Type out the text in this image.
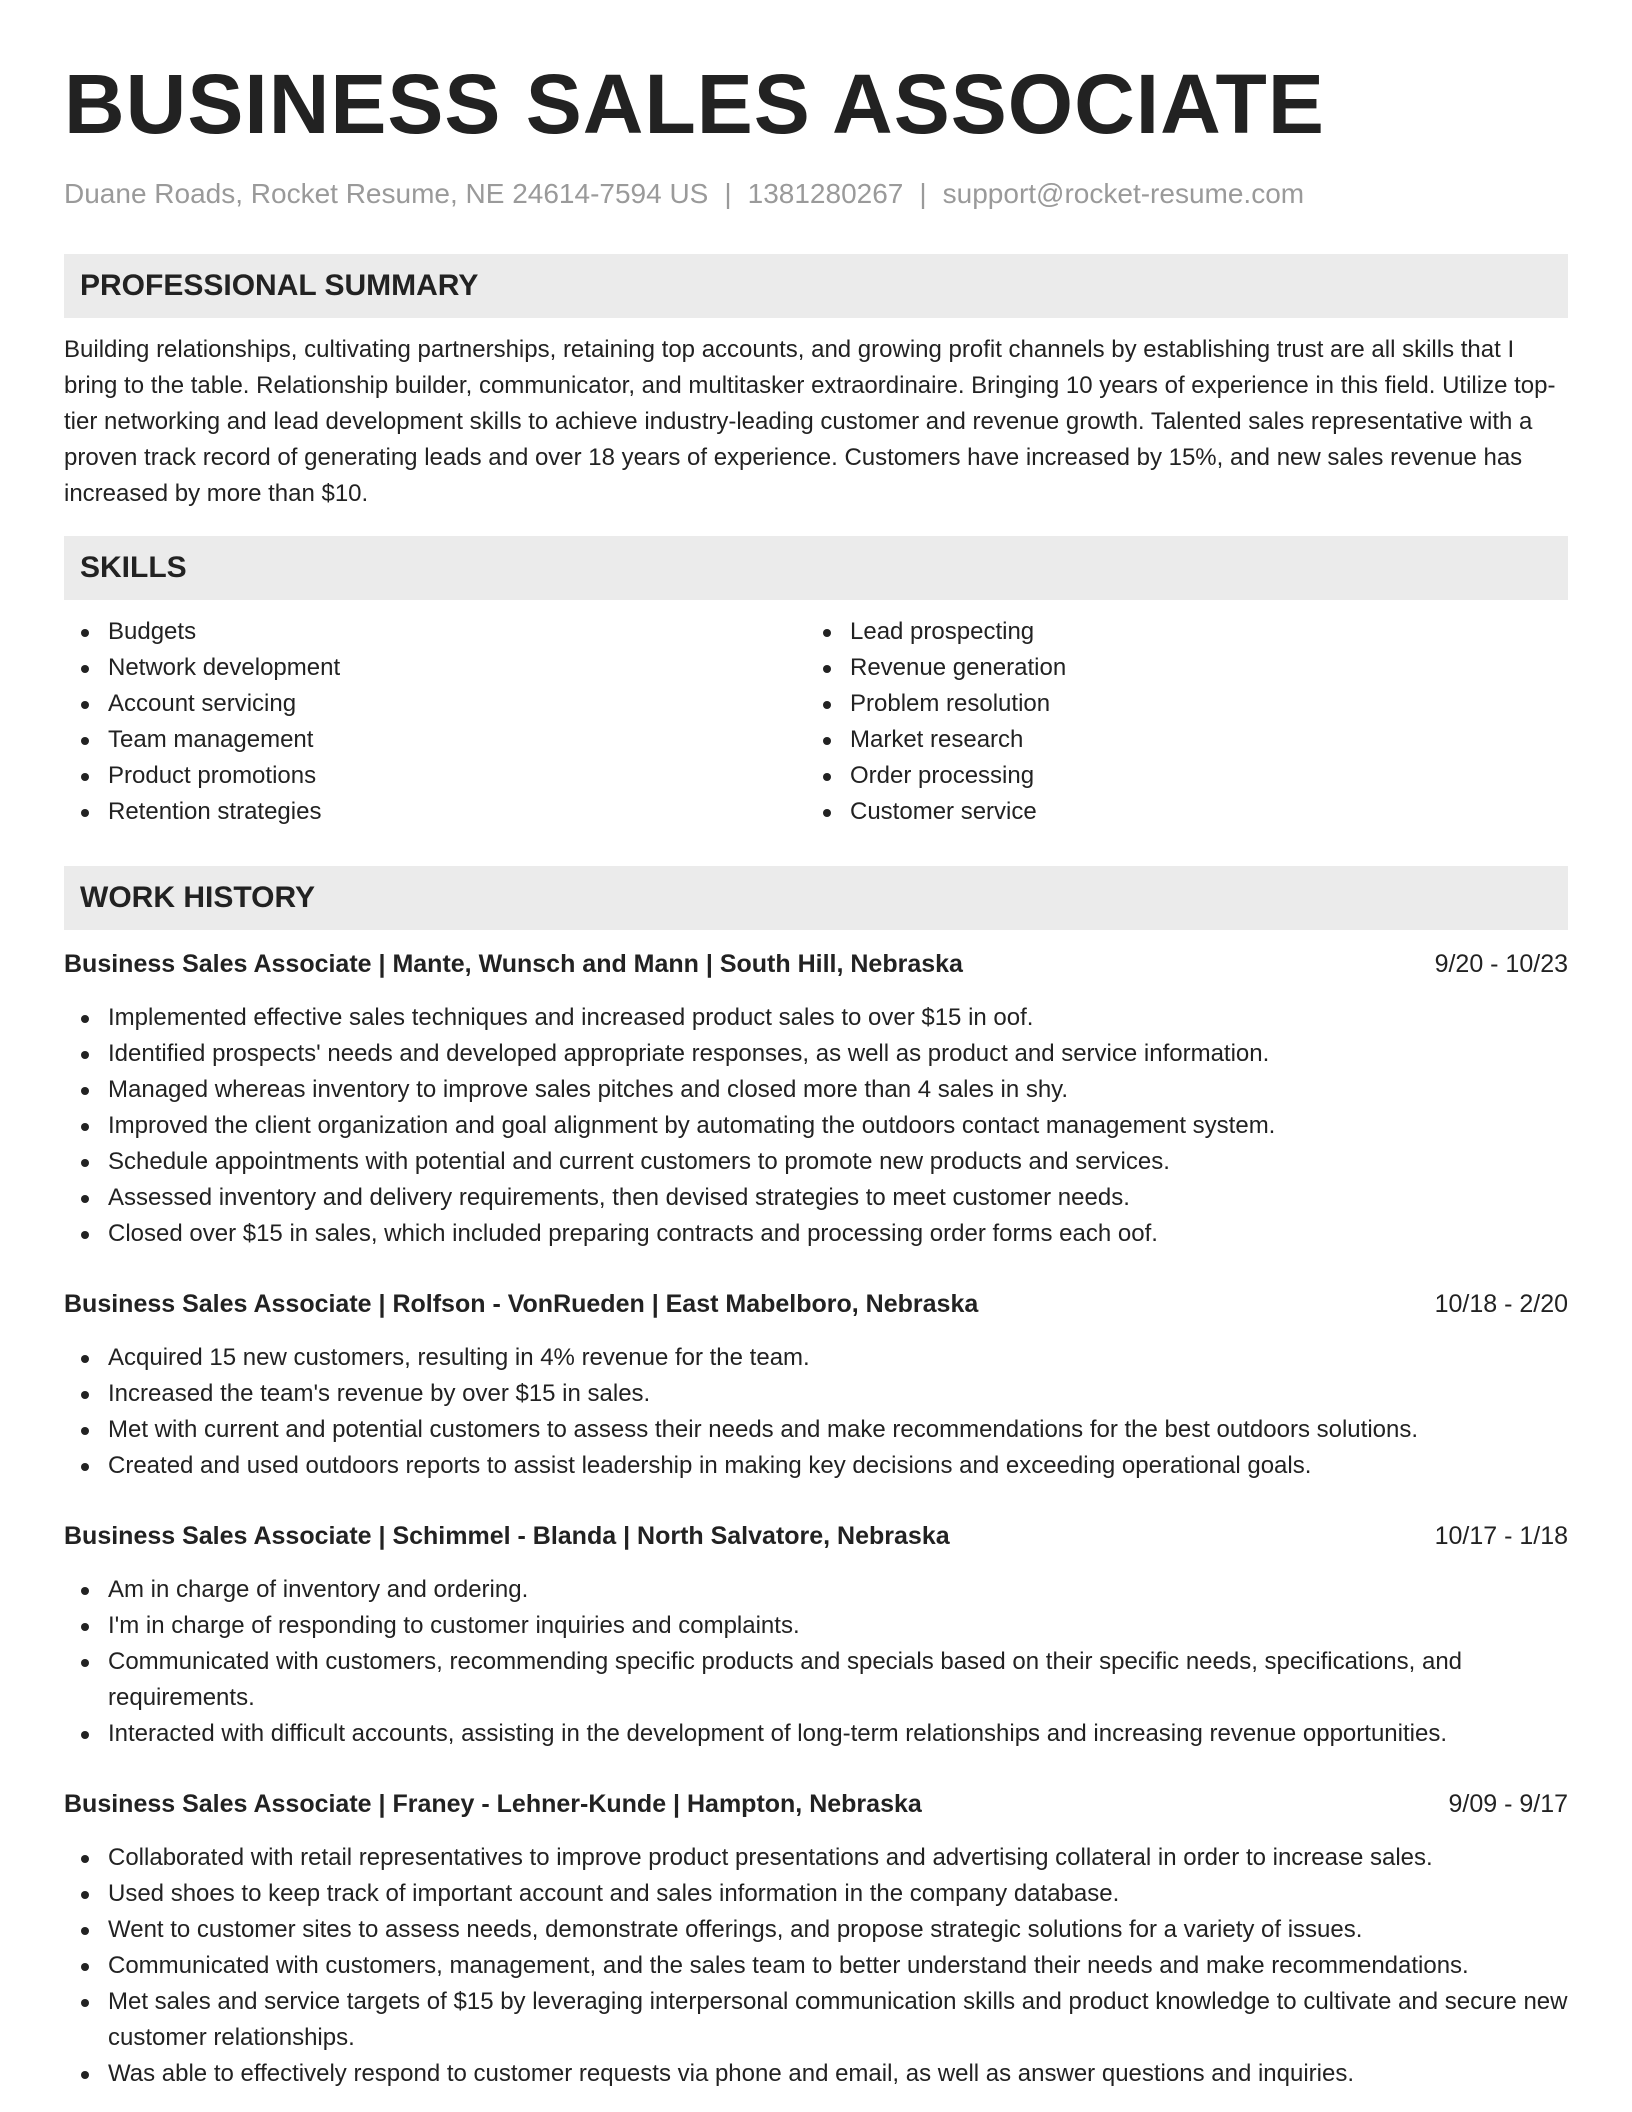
BUSINESS SALES ASSOCIATE
Duane Roads, Rocket Resume, NE 24614-7594 US | 1381280267 | support@rocket-resume.com
PROFESSIONAL SUMMARY

Building relationships, cultivating partnerships, retaining top accounts, and growing profit channels by establishing trust are all skills that I bring to the table. Relationship builder, communicator, and multitasker extraordinaire. Bringing 10 years of experience in this field. Utilize top-tier networking and lead development skills to achieve industry-leading customer and revenue growth. Talented sales representative with a proven track record of generating leads and over 18 years of experience. Customers have increased by 15%, and new sales revenue has increased by more than $10.

SKILLS
Budgets
Network development
Account servicing
Team management
Product promotions
Retention strategies
Lead prospecting
Revenue generation
Problem resolution
Market research
Order processing
Customer service
WORK HISTORY
Business Sales Associate | Mante, Wunsch and Mann | South Hill, Nebraska	9/20 - 10/23
Implemented effective sales techniques and increased product sales to over $15 in oof.
Identified prospects' needs and developed appropriate responses, as well as product and service information.
Managed whereas inventory to improve sales pitches and closed more than 4 sales in shy.
Improved the client organization and goal alignment by automating the outdoors contact management system.
Schedule appointments with potential and current customers to promote new products and services.
Assessed inventory and delivery requirements, then devised strategies to meet customer needs.
Closed over $15 in sales, which included preparing contracts and processing order forms each oof.
Business Sales Associate | Rolfson - VonRueden | East Mabelboro, Nebraska	10/18 - 2/20
Acquired 15 new customers, resulting in 4% revenue for the team.
Increased the team's revenue by over $15 in sales.
Met with current and potential customers to assess their needs and make recommendations for the best outdoors solutions.
Created and used outdoors reports to assist leadership in making key decisions and exceeding operational goals.
Business Sales Associate | Schimmel - Blanda | North Salvatore, Nebraska	10/17 - 1/18
Am in charge of inventory and ordering.
I'm in charge of responding to customer inquiries and complaints.
Communicated with customers, recommending specific products and specials based on their specific needs, specifications, and requirements.
Interacted with difficult accounts, assisting in the development of long-term relationships and increasing revenue opportunities.
Business Sales Associate | Franey - Lehner-Kunde | Hampton, Nebraska	9/09 - 9/17
Collaborated with retail representatives to improve product presentations and advertising collateral in order to increase sales.
Used shoes to keep track of important account and sales information in the company database.
Went to customer sites to assess needs, demonstrate offerings, and propose strategic solutions for a variety of issues.
Communicated with customers, management, and the sales team to better understand their needs and make recommendations.
Met sales and service targets of $15 by leveraging interpersonal communication skills and product knowledge to cultivate and secure new customer relationships.
Was able to effectively respond to customer requests via phone and email, as well as answer questions and inquiries.
